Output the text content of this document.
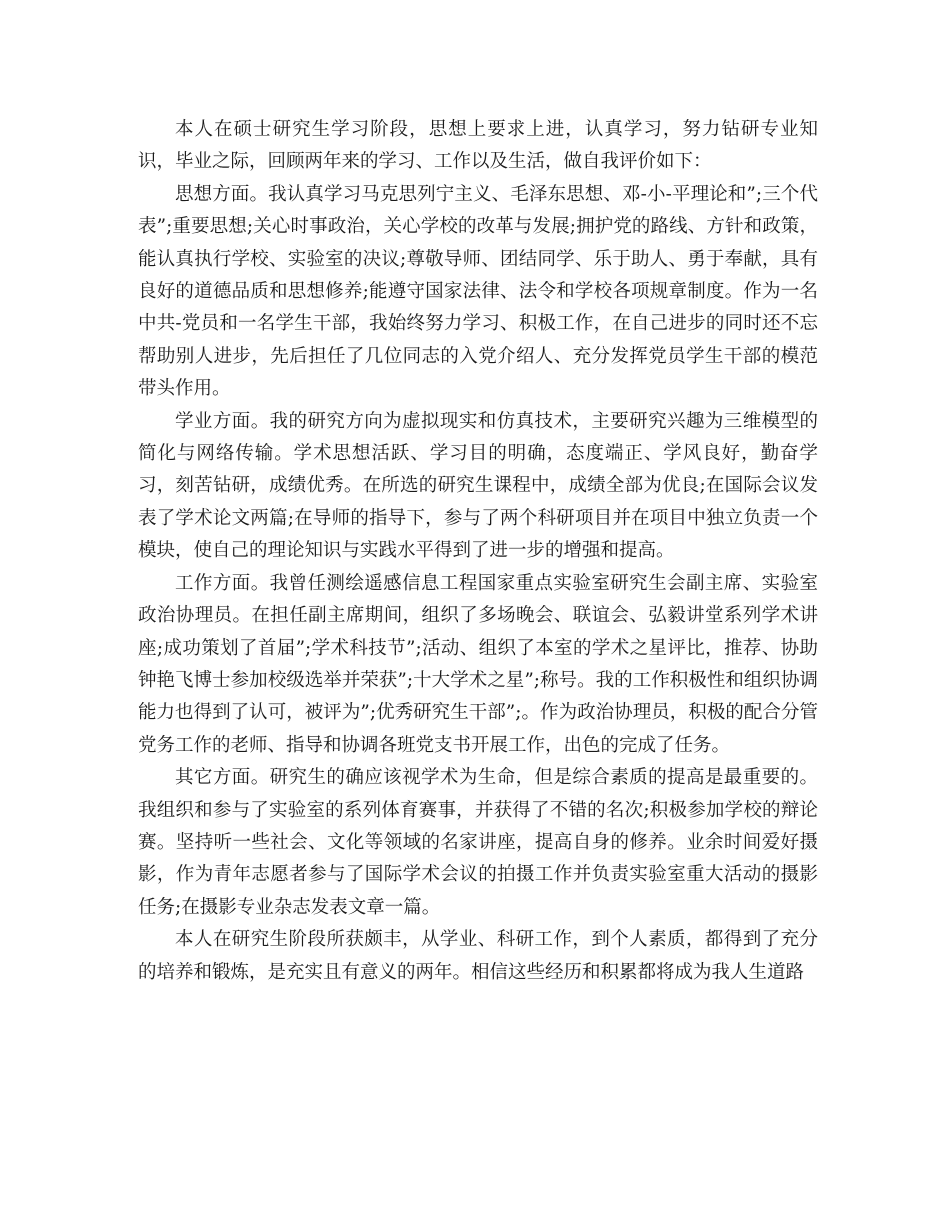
本人在硕士研究生学习阶段，思想上要求上进，认真学习，努力钻研专业知识，毕业之际，回顾两年来的学习、工作以及生活，做自我评价如下：

思想方面。我认真学习马克思列宁主义、毛泽东思想、邓-小-平理论和”;三个代表”;重要思想;关心时事政治，关心学校的改革与发展;拥护党的路线、方针和政策，能认真执行学校、实验室的决议;尊敬导师、团结同学、乐于助人、勇于奉献，具有良好的道德品质和思想修养;能遵守国家法律、法令和学校各项规章制度。作为一名中共-党员和一名学生干部，我始终努力学习、积极工作，在自己进步的同时还不忘帮助别人进步，先后担任了几位同志的入党介绍人、充分发挥党员学生干部的模范带头作用。

学业方面。我的研究方向为虚拟现实和仿真技术，主要研究兴趣为三维模型的简化与网络传输。学术思想活跃、学习目的明确，态度端正、学风良好，勤奋学习，刻苦钻研，成绩优秀。在所选的研究生课程中，成绩全部为优良;在国际会议发表了学术论文两篇;在导师的指导下，参与了两个科研项目并在项目中独立负责一个模块，使自己的理论知识与实践水平得到了进一步的增强和提高。

工作方面。我曾任测绘遥感信息工程国家重点实验室研究生会副主席、实验室政治协理员。在担任副主席期间，组织了多场晚会、联谊会、弘毅讲堂系列学术讲座;成功策划了首届”;学术科技节”;活动、组织了本室的学术之星评比，推荐、协助钟艳飞博士参加校级选举并荣获”;十大学术之星”;称号。我的工作积极性和组织协调能力也得到了认可，被评为”;优秀研究生干部”;。作为政治协理员，积极的配合分管党务工作的老师、指导和协调各班党支书开展工作，出色的完成了任务。

其它方面。研究生的确应该视学术为生命，但是综合素质的提高是最重要的。我组织和参与了实验室的系列体育赛事，并获得了不错的名次;积极参加学校的辩论赛。坚持听一些社会、文化等领域的名家讲座，提高自身的修养。业余时间爱好摄影，作为青年志愿者参与了国际学术会议的拍摄工作并负责实验室重大活动的摄影任务;在摄影专业杂志发表文章一篇。

本人在研究生阶段所获颇丰，从学业、科研工作，到个人素质，都得到了充分的培养和锻炼，是充实且有意义的两年。相信这些经历和积累都将成为我人生道路
